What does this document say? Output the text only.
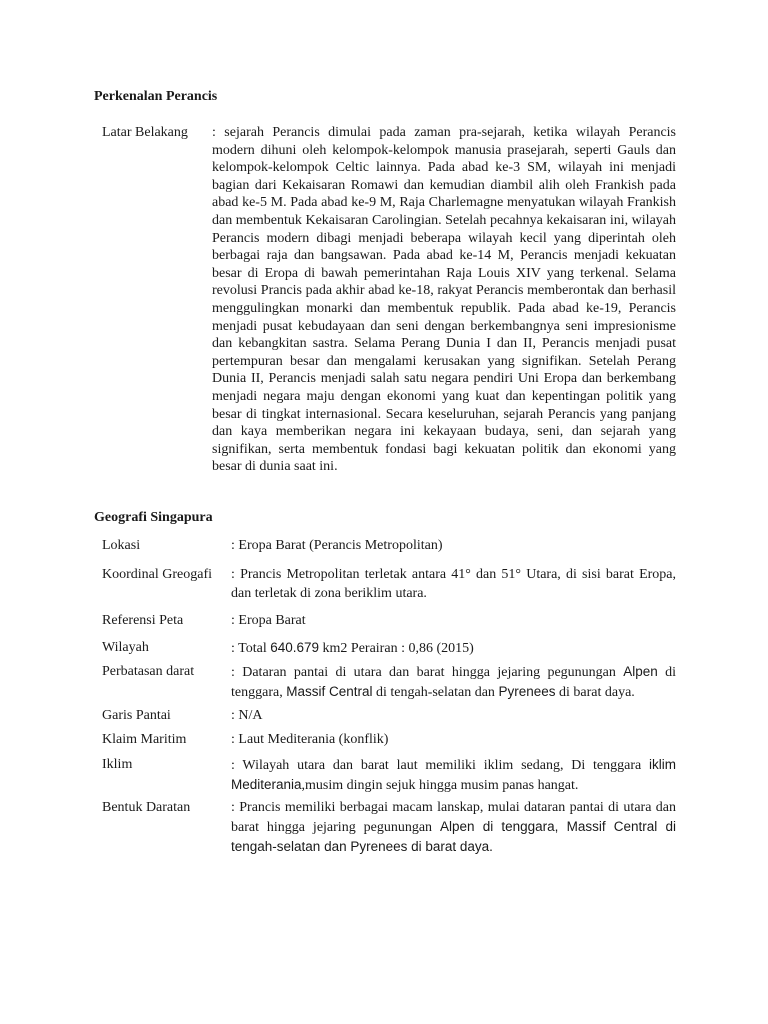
Perkenalan Perancis
Latar Belakang	: sejarah Perancis dimulai pada zaman pra-sejarah, ketika wilayah Perancis modern dihuni oleh kelompok-kelompok manusia prasejarah, seperti Gauls dan kelompok-kelompok Celtic lainnya. Pada abad ke-3 SM, wilayah ini menjadi bagian dari Kekaisaran Romawi dan kemudian diambil alih oleh Frankish pada abad ke-5 M. Pada abad ke-9 M, Raja Charlemagne menyatukan wilayah Frankish dan membentuk Kekaisaran Carolingian. Setelah pecahnya kekaisaran ini, wilayah Perancis modern dibagi menjadi beberapa wilayah kecil yang diperintah oleh berbagai raja dan bangsawan. Pada abad ke-14 M, Perancis menjadi kekuatan besar di Eropa di bawah pemerintahan Raja Louis XIV yang terkenal. Selama revolusi Prancis pada akhir abad ke-18, rakyat Perancis memberontak dan berhasil menggulingkan monarki dan membentuk republik. Pada abad ke-19, Perancis menjadi pusat kebudayaan dan seni dengan berkembangnya seni impresionisme dan kebangkitan sastra. Selama Perang Dunia I dan II, Perancis menjadi pusat pertempuran besar dan mengalami kerusakan yang signifikan. Setelah Perang Dunia II, Perancis menjadi salah satu negara pendiri Uni Eropa dan berkembang menjadi negara maju dengan ekonomi yang kuat dan kepentingan politik yang besar di tingkat internasional. Secara keseluruhan, sejarah Perancis yang panjang dan kaya memberikan negara ini kekayaan budaya, seni, dan sejarah yang signifikan, serta membentuk fondasi bagi kekuatan politik dan ekonomi yang besar di dunia saat ini.
Geografi Singapura
Lokasi	: Eropa Barat (Perancis Metropolitan)
Koordinal Greogafi	: Prancis Metropolitan terletak antara 41° dan 51° Utara, di sisi barat Eropa, dan terletak di zona beriklim utara.
Referensi Peta	: Eropa Barat
Wilayah	: Total 640.679 km2 Perairan : 0,86 (2015)
Perbatasan darat	: Dataran pantai di utara dan barat hingga jejaring pegunungan Alpen di tenggara, Massif Central di tengah-selatan dan Pyrenees di barat daya.
Garis Pantai	: N/A
Klaim Maritim	: Laut Mediterania (konflik)
Iklim	: Wilayah utara dan barat laut memiliki iklim sedang, Di tenggara iklim Mediterania,musim dingin sejuk hingga musim panas hangat.
Bentuk Daratan	: Prancis memiliki berbagai macam lanskap, mulai dataran pantai di utara dan barat hingga jejaring pegunungan Alpen di tenggara, Massif Central di tengah-selatan dan Pyrenees di barat daya.
